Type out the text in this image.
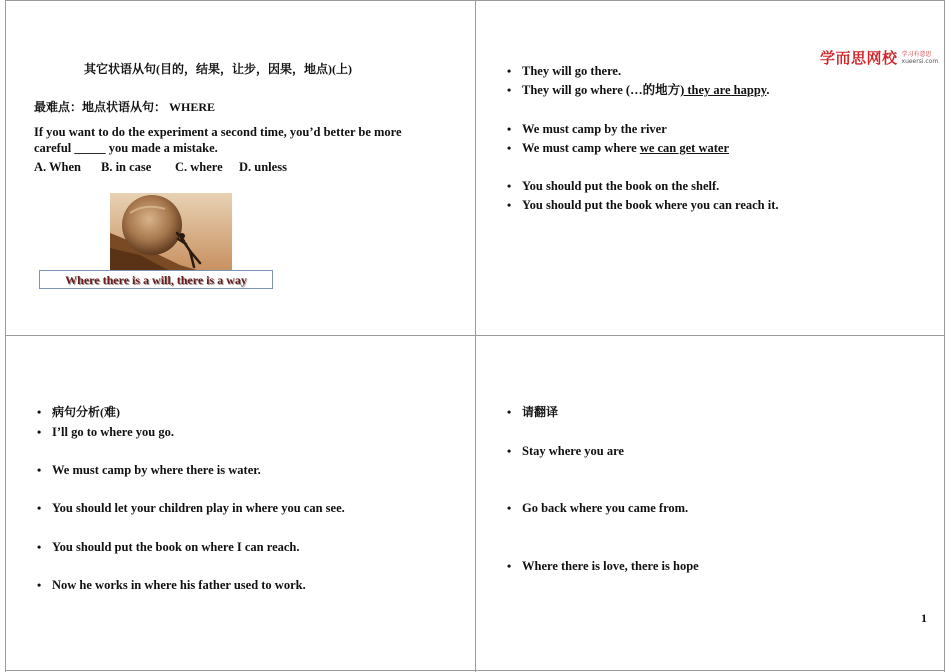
其它状语从句(目的，结果，让步，因果，地点)(上)
最难点：地点状语从句： WHERE
If you want to do the experiment a second time, you’d better be more
careful _____ you made a mistake.
A. When B. in case C. where D. unless
Where there is a will, there is a way
学而思网校 学习有意思
xueersi.com
• They will go there.
• They will go where (…的地方) they are happy.
• We must camp by the river
• We must camp where we can get water
• You should put the book on the shelf.
• You should put the book where you can reach it.
• 病句分析(难)
• I’ll go to where you go.
• We must camp by where there is water.
• You should let your children play in where you can see.
• You should put the book on where I can reach.
• Now he works in where his father used to work.
• 请翻译
• Stay where you are
• Go back where you came from.
• Where there is love, there is hope
1
